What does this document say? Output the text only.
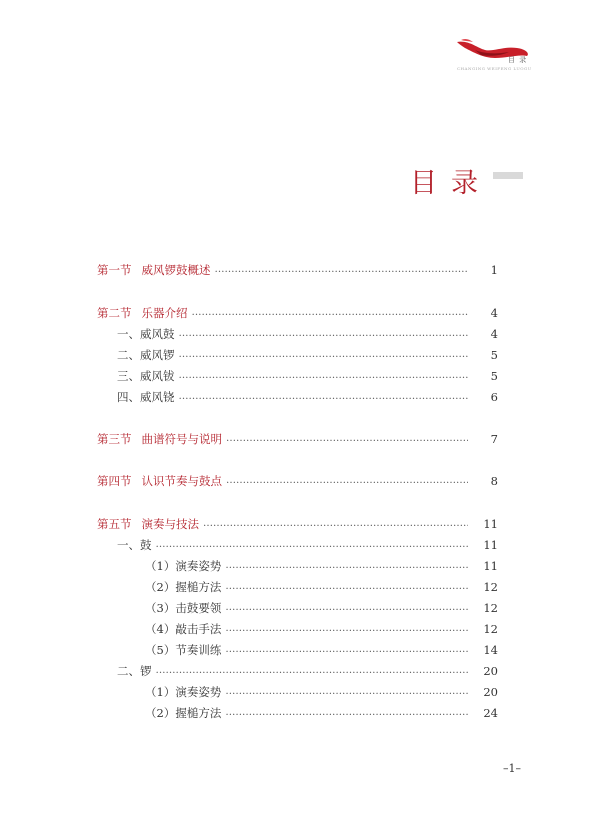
目 录
CHANGING WEIFENG LUOGU
目录
第一节 威风锣鼓概述 ………………………………………………………………………………………………………………………………………………………………………………………………	1
第二节 乐器介绍 ………………………………………………………………………………………………………………………………………………………………………………………………	4
一、 威风鼓 ………………………………………………………………………………………………………………………………………………………………………………………………	4
二、 威风锣 ………………………………………………………………………………………………………………………………………………………………………………………………	5
三、 威风钹 ………………………………………………………………………………………………………………………………………………………………………………………………	5
四、 威风铙 ………………………………………………………………………………………………………………………………………………………………………………………………	6
第三节 曲谱符号与说明 ………………………………………………………………………………………………………………………………………………………………………………………………	7
第四节 认识节奏与鼓点 ………………………………………………………………………………………………………………………………………………………………………………………………	8
第五节 演奏与技法 ………………………………………………………………………………………………………………………………………………………………………………………………	11
一、 鼓 ………………………………………………………………………………………………………………………………………………………………………………………………	11
（1） 演奏姿势 ………………………………………………………………………………………………………………………………………………………………………………………………	11
（2） 握槌方法 ………………………………………………………………………………………………………………………………………………………………………………………………	12
（3） 击鼓要领 ………………………………………………………………………………………………………………………………………………………………………………………………	12
（4） 敲击手法 ………………………………………………………………………………………………………………………………………………………………………………………………	12
（5） 节奏训练 ………………………………………………………………………………………………………………………………………………………………………………………………	14
二、 锣 ………………………………………………………………………………………………………………………………………………………………………………………………	20
（1） 演奏姿势 ………………………………………………………………………………………………………………………………………………………………………………………………	20
（2） 握槌方法 ………………………………………………………………………………………………………………………………………………………………………………………………	24
–1–
